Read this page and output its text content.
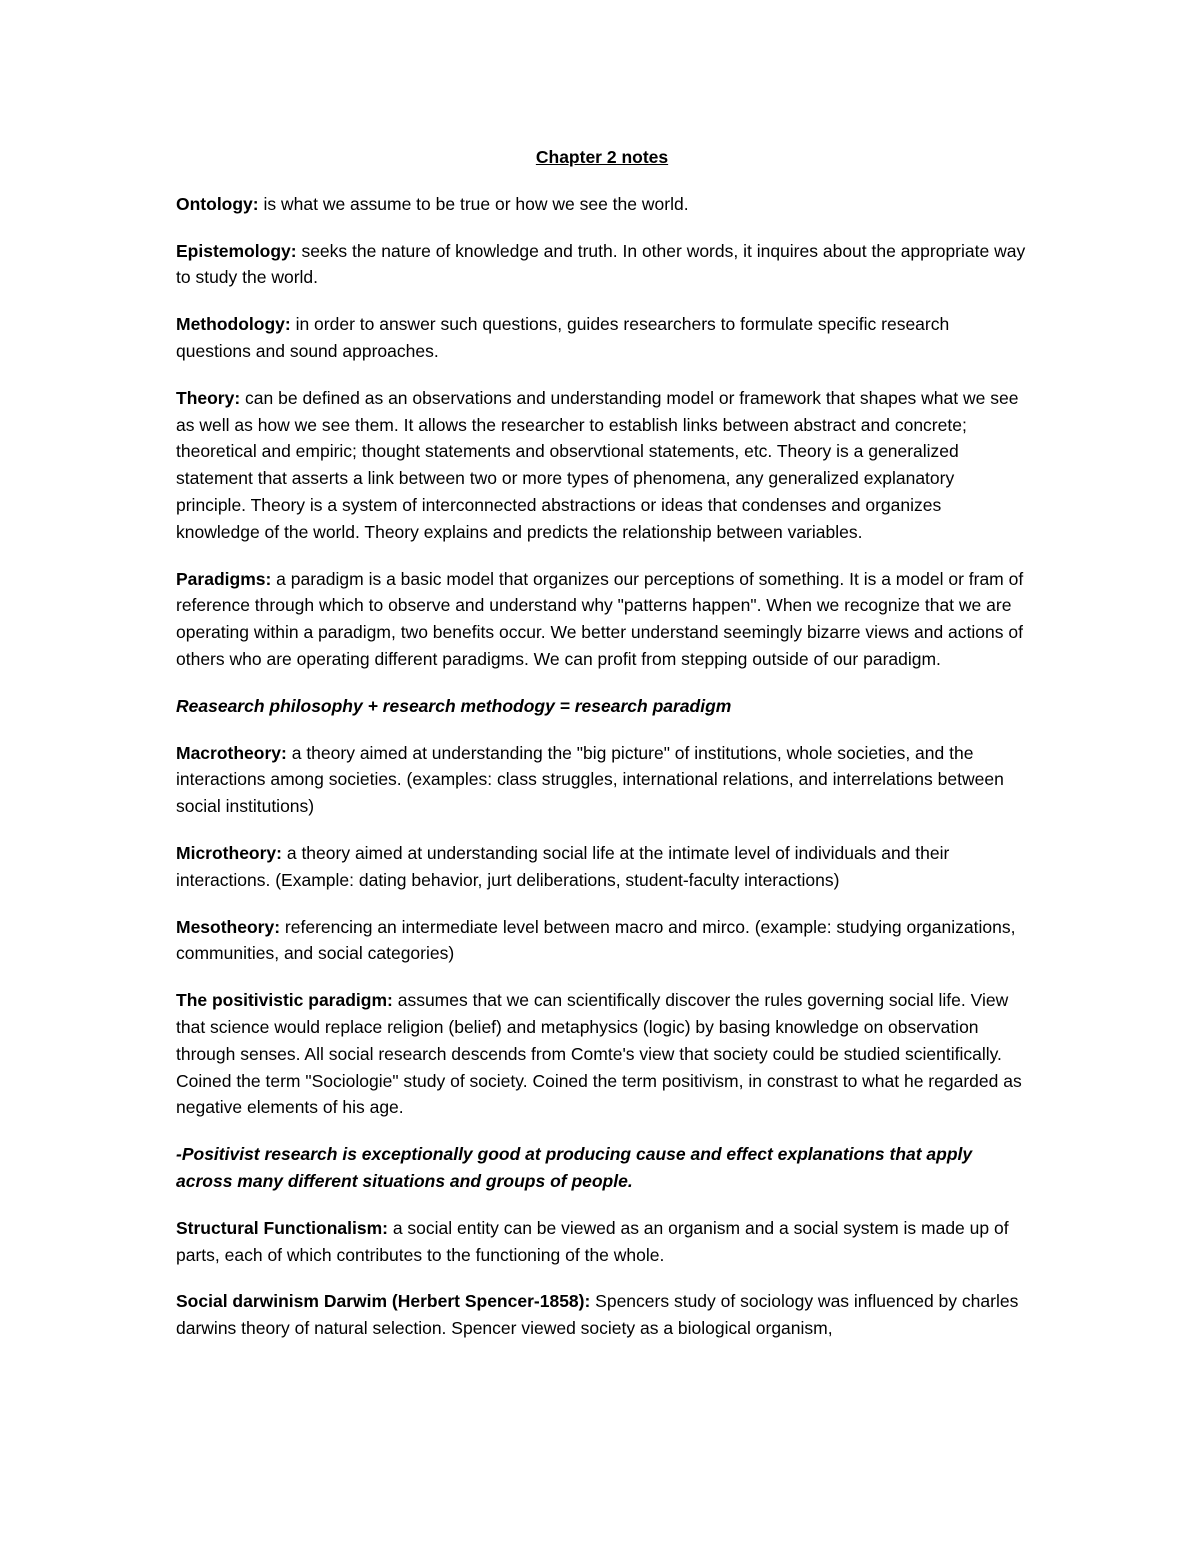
Chapter 2 notes

Ontology: is what we assume to be true or how we see the world.

Epistemology: seeks the nature of knowledge and truth. In other words, it inquires about the appropriate way to study the world.

Methodology: in order to answer such questions, guides researchers to formulate specific research questions and sound approaches.

Theory: can be defined as an observations and understanding model or framework that shapes what we see as well as how we see them. It allows the researcher to establish links between abstract and concrete; theoretical and empiric; thought statements and observtional statements, etc. Theory is a generalized statement that asserts a link between two or more types of phenomena, any generalized explanatory principle. Theory is a system of interconnected abstractions or ideas that condenses and organizes knowledge of the world. Theory explains and predicts the relationship between variables.

Paradigms: a paradigm is a basic model that organizes our perceptions of something. It is a model or fram of reference through which to observe and understand why "patterns happen". When we recognize that we are operating within a paradigm, two benefits occur. We better understand seemingly bizarre views and actions of others who are operating different paradigms. We can profit from stepping outside of our paradigm.

Reasearch philosophy + research methodogy = research paradigm

Macrotheory: a theory aimed at understanding the "big picture" of institutions, whole societies, and the interactions among societies. (examples: class struggles, international relations, and interrelations between social institutions)

Microtheory: a theory aimed at understanding social life at the intimate level of individuals and their interactions. (Example: dating behavior, jurt deliberations, student-faculty interactions)

Mesotheory: referencing an intermediate level between macro and mirco. (example: studying organizations, communities, and social categories)

The positivistic paradigm: assumes that we can scientifically discover the rules governing social life. View that science would replace religion (belief) and metaphysics (logic) by basing knowledge on observation through senses. All social research descends from Comte's view that society could be studied scientifically. Coined the term "Sociologie" study of society. Coined the term positivism, in constrast to what he regarded as negative elements of his age.

-Positivist research is exceptionally good at producing cause and effect explanations that apply across many different situations and groups of people.

Structural Functionalism: a social entity can be viewed as an organism and a social system is made up of parts, each of which contributes to the functioning of the whole.

Social darwinism Darwim (Herbert Spencer-1858): Spencers study of sociology was influenced by charles darwins theory of natural selection. Spencer viewed society as a biological organism,
